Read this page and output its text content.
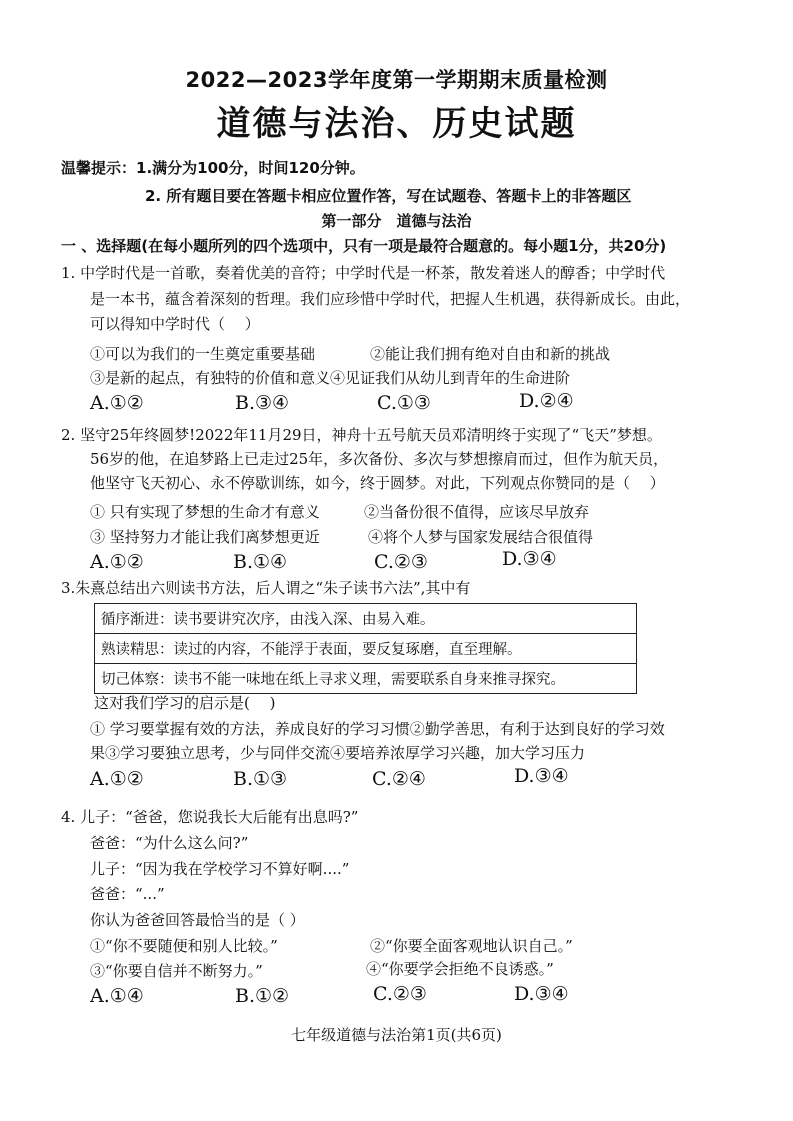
2022—2023学年度第一学期期末质量检测
道德与法治、历史试题
温馨提示：1.满分为100分，时间120分钟。
2. 所有题目要在答题卡相应位置作答，写在试题卷、答题卡上的非答题区
第一部分　道德与法治
一 、选择题(在每小题所列的四个选项中，只有一项是最符合题意的。每小题1分，共20分)
1. 中学时代是一首歌，奏着优美的音符；中学时代是一杯茶，散发着迷人的醇香；中学时代
是一本书，蕴含着深刻的哲理。我们应珍惜中学时代，把握人生机遇，获得新成长。由此，
可以得知中学时代（　 ）
①可以为我们的一生奠定重要基础	②能让我们拥有绝对自由和新的挑战
③是新的起点，有独特的价值和意义④见证我们从幼儿到青年的生命进阶
A.①②	B.③④	C.①③	D.②④
2. 坚守25年终圆梦!2022年11月29日，神舟十五号航天员邓清明终于实现了“飞天”梦想。
56岁的他，在追梦路上已走过25年，多次备份、多次与梦想擦肩而过，但作为航天员，
他坚守飞天初心、永不停歇训练，如今，终于圆梦。对此，下列观点你赞同的是（　 ）
① 只有实现了梦想的生命才有意义	②当备份很不值得，应该尽早放弃
③ 坚持努力才能让我们离梦想更近	④将个人梦与国家发展结合很值得
A.①②	B.①④	C.②③	D.③④
3.朱熹总结出六则读书方法，后人谓之“朱子读书六法”,其中有
循序渐进：读书要讲究次序，由浅入深、由易入难。
熟读精思：读过的内容，不能浮于表面，要反复琢磨，直至理解。
切己体察：读书不能一味地在纸上寻求义理，需要联系自身来推寻探究。
这对我们学习的启示是(　 )
① 学习要掌握有效的方法，养成良好的学习习惯②勤学善思，有利于达到良好的学习效
果③学习要独立思考，少与同伴交流④要培养浓厚学习兴趣，加大学习压力
A.①②	B.①③	C.②④	D.③④
4. 儿子：“爸爸，您说我长大后能有出息吗?”
爸爸：“为什么这么问?”
儿子：“因为我在学校学习不算好啊....”
爸爸：“...”
你认为爸爸回答最恰当的是（ ）
①“你不要随便和别人比较。”	②“你要全面客观地认识自己。”
③“你要自信并不断努力。”	④“你要学会拒绝不良诱惑。”
A.①④	B.①②	C.②③	D.③④
七年级道德与法治第1页(共6页)
